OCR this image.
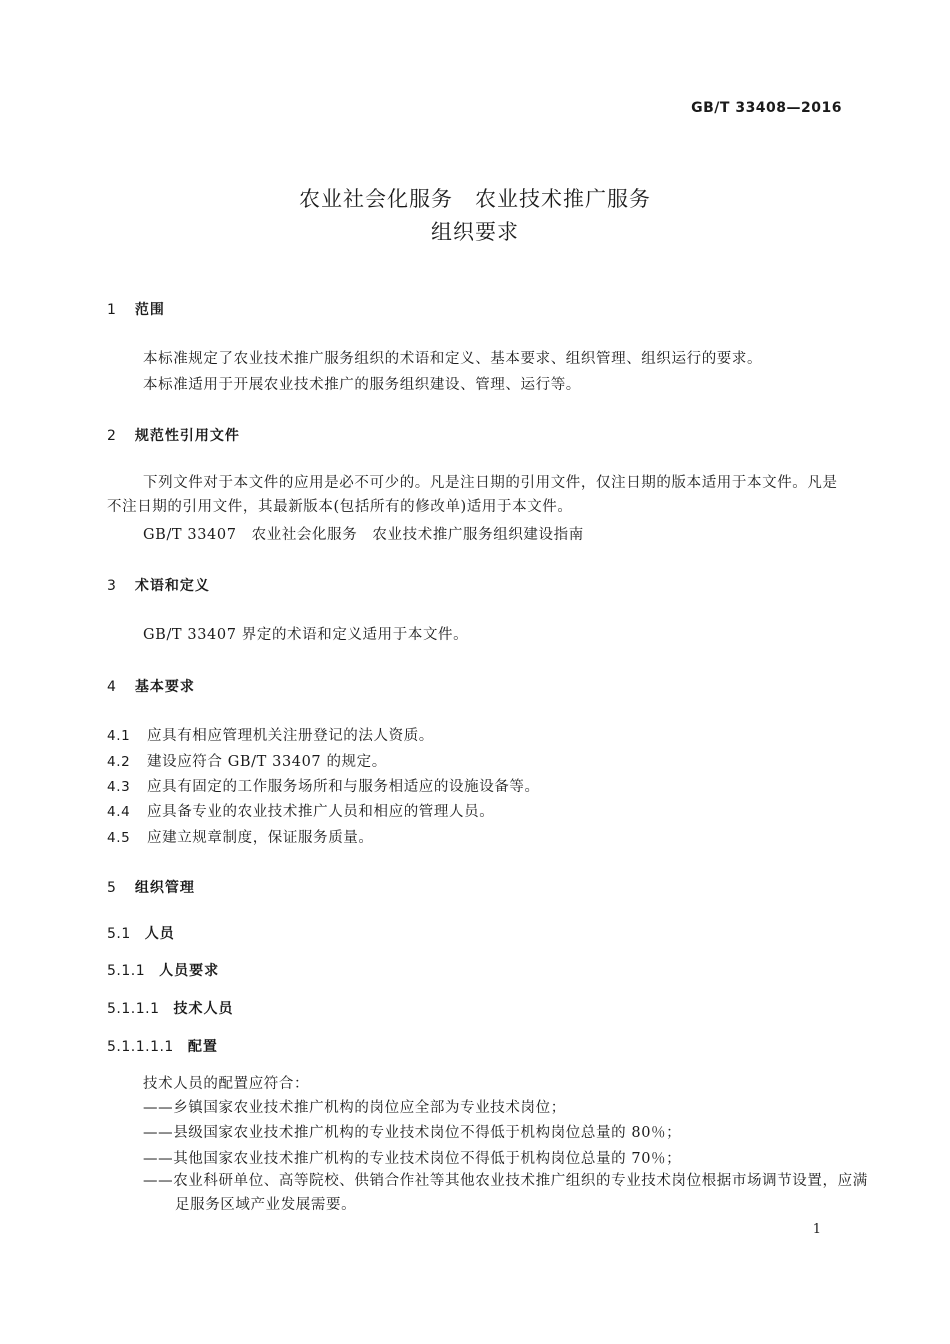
GB/T 33408—2016
农业社会化服务　农业技术推广服务
组织要求
1 范围
本标准规定了农业技术推广服务组织的术语和定义、基本要求、组织管理、组织运行的要求。
本标准适用于开展农业技术推广的服务组织建设、管理、运行等。
2 规范性引用文件
下列文件对于本文件的应用是必不可少的。凡是注日期的引用文件，仅注日期的版本适用于本文件。凡是不注日期的引用文件，其最新版本(包括所有的修改单)适用于本文件。
GB/T 33407　农业社会化服务　农业技术推广服务组织建设指南
3 术语和定义
GB/T 33407 界定的术语和定义适用于本文件。
4 基本要求
4.1 应具有相应管理机关注册登记的法人资质。
4.2 建设应符合 GB/T 33407 的规定。
4.3 应具有固定的工作服务场所和与服务相适应的设施设备等。
4.4 应具备专业的农业技术推广人员和相应的管理人员。
4.5 应建立规章制度，保证服务质量。
5 组织管理
5.1 人员
5.1.1 人员要求
5.1.1.1 技术人员
5.1.1.1.1 配置
技术人员的配置应符合：
——乡镇国家农业技术推广机构的岗位应全部为专业技术岗位；
——县级国家农业技术推广机构的专业技术岗位不得低于机构岗位总量的 80％；
——其他国家农业技术推广机构的专业技术岗位不得低于机构岗位总量的 70％；
——农业科研单位、高等院校、供销合作社等其他农业技术推广组织的专业技术岗位根据市场调节设置，应满足服务区域产业发展需要。
1
